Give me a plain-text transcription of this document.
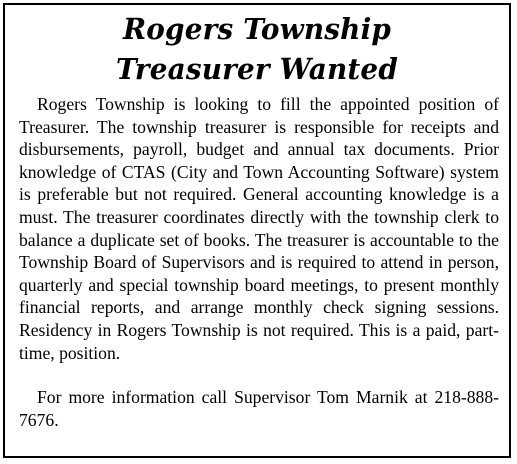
Rogers Township
Treasurer Wanted

Rogers Township is looking to fill the appointed position of Treasurer. The township treasurer is responsible for receipts and disbursements, payroll, budget and annual tax documents. Prior knowledge of CTAS (City and Town Accounting Software) system is preferable but not required. General accounting knowledge is a must. The treasurer coordinates directly with the township clerk to balance a duplicate set of books. The treasurer is accountable to the Township Board of Supervisors and is required to attend in person, quarterly and special township board meetings, to present monthly financial reports, and arrange monthly check signing sessions. Residency in Rogers Township is not required. This is a paid, part-time, position.

For more information call Supervisor Tom Marnik at 218-888-7676.
